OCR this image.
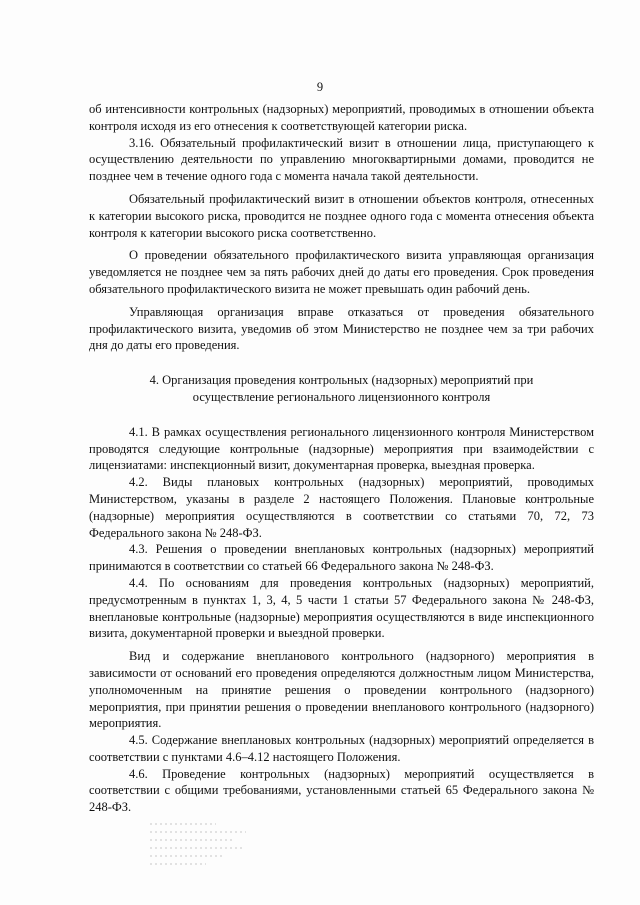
9

об интенсивности контрольных (надзорных) мероприятий, проводимых в отношении объекта контроля исходя из его отнесения к соответствующей категории риска.

3.16. Обязательный профилактический визит в отношении лица, приступающего к осуществлению деятельности по управлению многоквартирными домами, проводится не позднее чем в течение одного года с момента начала такой деятельности.

Обязательный профилактический визит в отношении объектов контроля, отнесенных к категории высокого риска, проводится не позднее одного года с момента отнесения объекта контроля к категории высокого риска соответственно.

О проведении обязательного профилактического визита управляющая организация уведомляется не позднее чем за пять рабочих дней до даты его проведения. Срок проведения обязательного профилактического визита не может превышать один рабочий день.

Управляющая организация вправе отказаться от проведения обязательного профилактического визита, уведомив об этом Министерство не позднее чем за три рабочих дня до даты его проведения.

4. Организация проведения контрольных (надзорных) мероприятий при

осуществление регионального лицензионного контроля

4.1. В рамках осуществления регионального лицензионного контроля Министерством проводятся следующие контрольные (надзорные) мероприятия при взаимодействии с лицензиатами: инспекционный визит, документарная проверка, выездная проверка.

4.2. Виды плановых контрольных (надзорных) мероприятий, проводимых Министерством, указаны в разделе 2 настоящего Положения. Плановые контрольные (надзорные) мероприятия осуществляются в соответствии со статьями 70, 72, 73 Федерального закона № 248-ФЗ.

4.3. Решения о проведении внеплановых контрольных (надзорных) мероприятий принимаются в соответствии со статьей 66 Федерального закона № 248-ФЗ.

4.4. По основаниям для проведения контрольных (надзорных) мероприятий, предусмотренным в пунктах 1, 3, 4, 5 части 1 статьи 57 Федерального закона № 248-ФЗ, внеплановые контрольные (надзорные) мероприятия осуществляются в виде инспекционного визита, документарной проверки и выездной проверки.

Вид и содержание внепланового контрольного (надзорного) мероприятия в зависимости от оснований его проведения определяются должностным лицом Министерства, уполномоченным на принятие решения о проведении контрольного (надзорного) мероприятия, при принятии решения о проведении внепланового контрольного (надзорного) мероприятия.

4.5. Содержание внеплановых контрольных (надзорных) мероприятий определяется в соответствии с пунктами 4.6–4.12 настоящего Положения.

4.6. Проведение контрольных (надзорных) мероприятий осуществляется в соответствии с общими требованиями, установленными статьей 65 Федерального закона № 248-ФЗ.
